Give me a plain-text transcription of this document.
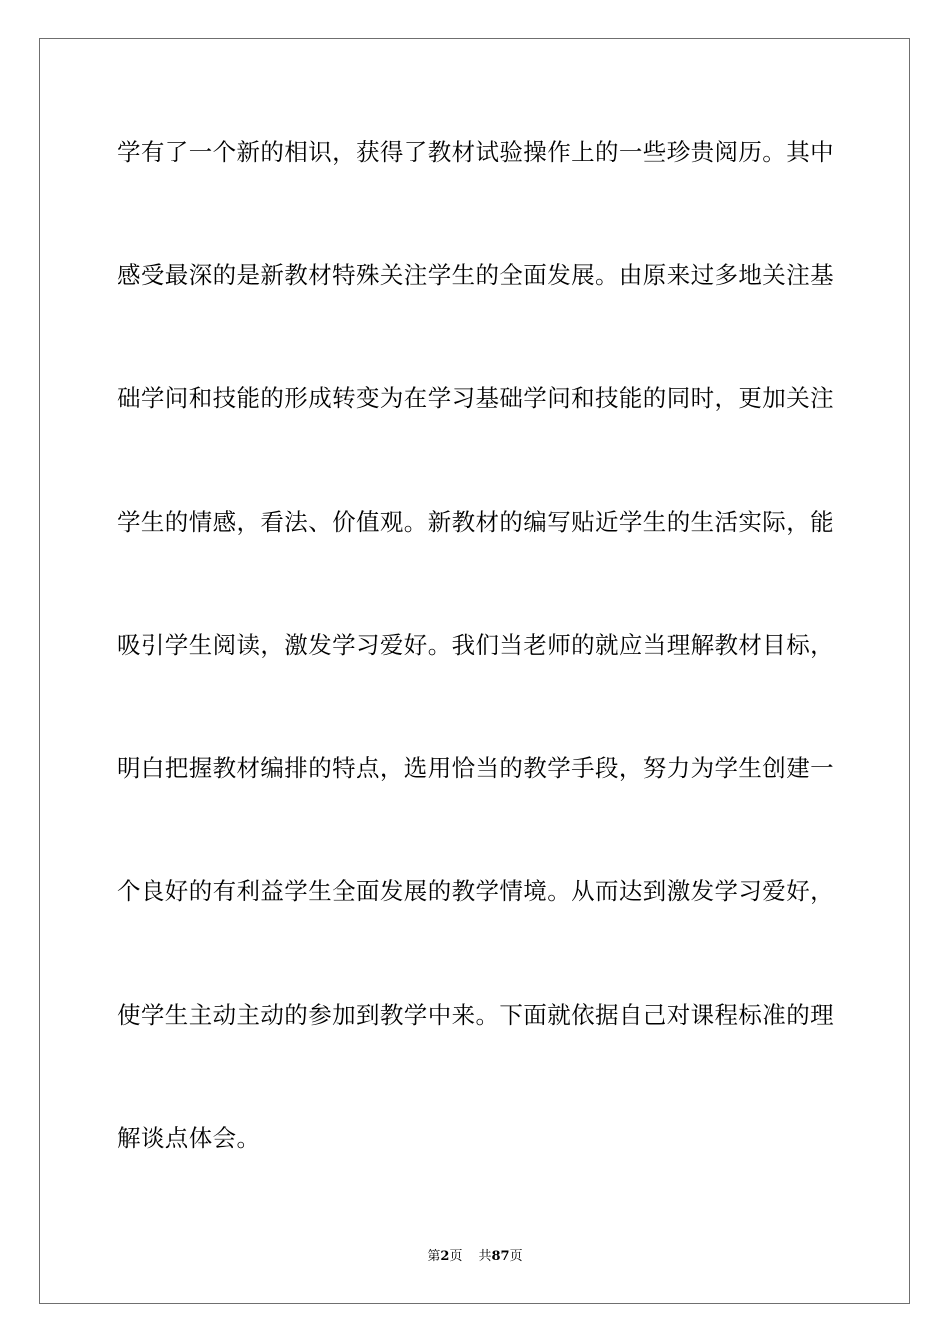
学有了一个新的相识，获得了教材试验操作上的一些珍贵阅历。其中
感受最深的是新教材特殊关注学生的全面发展。由原来过多地关注基
础学问和技能的形成转变为在学习基础学问和技能的同时，更加关注
学生的情感，看法、价值观。新教材的编写贴近学生的生活实际，能
吸引学生阅读，激发学习爱好。我们当老师的就应当理解教材目标，
明白把握教材编排的特点，选用恰当的教学手段，努力为学生创建一
个良好的有利益学生全面发展的教学情境。从而达到激发学习爱好，
使学生主动主动的参加到教学中来。下面就依据自己对课程标准的理
解谈点体会。
第2页 共87页
